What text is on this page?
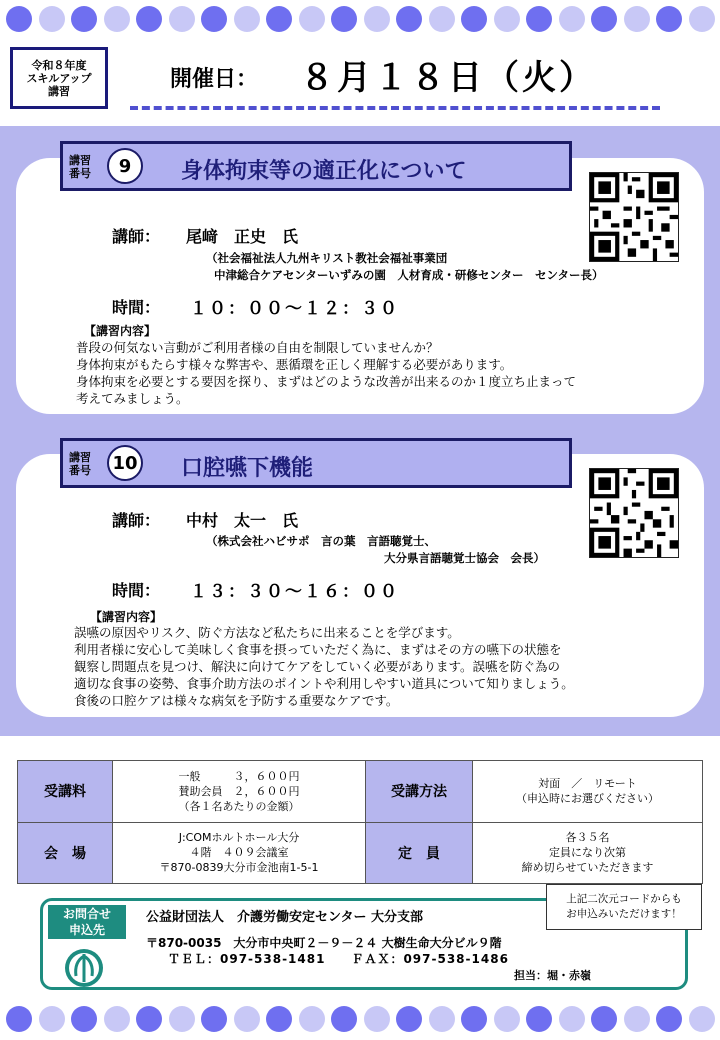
令和８年度
スキルアップ
講習	開催日： ８月１８日（火）
講習
番号	9	身体拘束等の適正化について
講師： 尾﨑　正史　氏
（社会福祉法人九州キリスト教社会福祉事業団
中津総合ケアセンターいずみの園　人材育成・研修センター　センター長）
時間： １０：００～１２：３０
【講習内容】
普段の何気ない言動がご利用者様の自由を制限していませんか？
身体拘束がもたらす様々な弊害や、悪循環を正しく理解する必要があります。
身体拘束を必要とする要因を探り、まずはどのような改善が出来るのか１度立ち止まって
考えてみましょう。
講習
番号	10 口腔嚥下機能
講師： 中村　太一　氏
（株式会社ハビサポ　言の葉　言語聴覚士、
大分県言語聴覚士協会　会長）
時間： １３：３０～１６：００
【講習内容】
誤嚥の原因やリスク、防ぐ方法など私たちに出来ることを学びます。
利用者様に安心して美味しく食事を摂っていただく為に、まずはその方の嚥下の状態を
観察し問題点を見つけ、解決に向けてケアをしていく必要があります。誤嚥を防ぐ為の
適切な食事の姿勢、食事介助方法のポイントや利用しやすい道具について知りましょう。
食後の口腔ケアは様々な病気を予防する重要なケアです。
受講料	一般　　　３，６００円
賛助会員　２，６００円
（各１名あたりの金額）	受講方法	対面　／　リモート
（申込時にお選びください）

会　場	J:COMホルトホール大分
４階　４０９会議室
〒870-0839大分市金池南1-5-1	定　員	各３５名
定員になり次第
締め切らせていただきます
お問合せ
申込先
公益財団法人　介護労働安定センター 大分支部
〒870-0035　大分市中央町２－９－２４ 大樹生命大分ビル９階
ＴＥＬ：097-538-1481　　ＦＡＸ：097-538-1486
担当：堀・赤嶺
上記二次元コードからも
お申込みいただけます！
